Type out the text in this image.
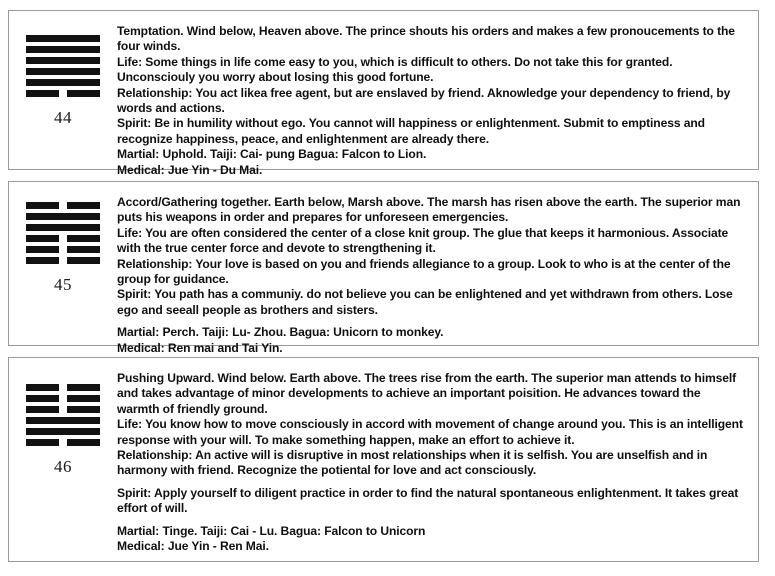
44

Temptation. Wind below, Heaven above. The prince shouts his orders and makes a few pronoucements to the four winds.

Life: Some things in life come easy to you, which is difficult to others. Do not take this for granted. Unconsciouly you worry about losing this good fortune.

Relationship: You act likea free agent, but are enslaved by friend. Aknowledge your dependency to friend, by words and actions.

Spirit: Be in humility without ego. You cannot will happiness or enlightenment. Submit to emptiness and recognize happiness, peace, and enlightenment are already there.

Martial: Uphold. Taiji: Cai- pung Bagua: Falcon to Lion.

Medical: Jue Yin - Du Mai.

45

Accord/Gathering together. Earth below, Marsh above. The marsh has risen above the earth. The superior man puts his weapons in order and prepares for unforeseen emergencies.

Life: You are often considered the center of a close knit group. The glue that keeps it harmonious. Associate with the true center force and devote to strengthening it.

Relationship: Your love is based on you and friends allegiance to a group. Look to who is at the center of the group for guidance.

Spirit: You path has a communiy. do not believe you can be enlightened and yet withdrawn from others. Lose ego and seeall people as brothers and sisters.

Martial: Perch. Taiji: Lu- Zhou. Bagua: Unicorn to monkey.

Medical: Ren mai and Tai Yin.

46

Pushing Upward. Wind below. Earth above. The trees rise from the earth. The superior man attends to himself and takes advantage of minor developments to achieve an important poisition. He advances toward the warmth of friendly ground.

Life: You know how to move consciously in accord with movement of change around you. This is an intelligent response with your will. To make something happen, make an effort to achieve it.

Relationship: An active will is disruptive in most relationships when it is selfish. You are unselfish and in harmony with friend. Recognize the potiental for love and act consciously.

Spirit: Apply yourself to diligent practice in order to find the natural spontaneous enlightenment. It takes great effort of will.

Martial: Tinge. Taiji: Cai - Lu. Bagua: Falcon to Unicorn

Medical: Jue Yin - Ren Mai.
